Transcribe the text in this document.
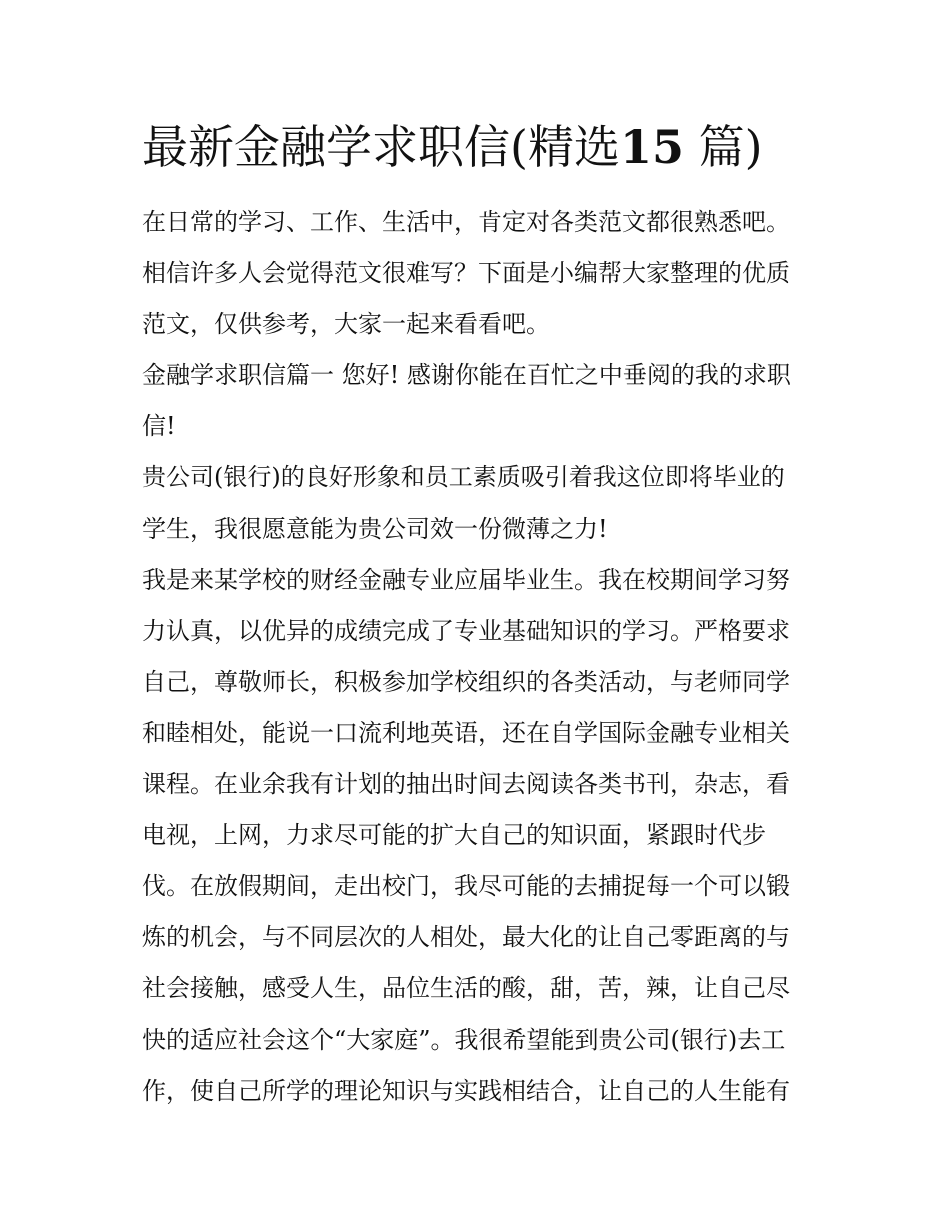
最新金融学求职信(精选15 篇)
在日常的学习、工作、生活中，肯定对各类范文都很熟悉吧。
相信许多人会觉得范文很难写？下面是小编帮大家整理的优质
范文，仅供参考，大家一起来看看吧。
金融学求职信篇一 您好! 感谢你能在百忙之中垂阅的我的求职
信!
贵公司(银行)的良好形象和员工素质吸引着我这位即将毕业的
学生，我很愿意能为贵公司效一份微薄之力!
我是来某学校的财经金融专业应届毕业生。我在校期间学习努
力认真，以优异的成绩完成了专业基础知识的学习。严格要求
自己，尊敬师长，积极参加学校组织的各类活动，与老师同学
和睦相处，能说一口流利地英语，还在自学国际金融专业相关
课程。在业余我有计划的抽出时间去阅读各类书刊，杂志，看
电视，上网，力求尽可能的扩大自己的知识面，紧跟时代步
伐。在放假期间，走出校门，我尽可能的去捕捉每一个可以锻
炼的机会，与不同层次的人相处，最大化的让自己零距离的与
社会接触，感受人生，品位生活的酸，甜，苦，辣，让自己尽
快的适应社会这个“大家庭”。我很希望能到贵公司(银行)去工
作，使自己所学的理论知识与实践相结合，让自己的人生能有
